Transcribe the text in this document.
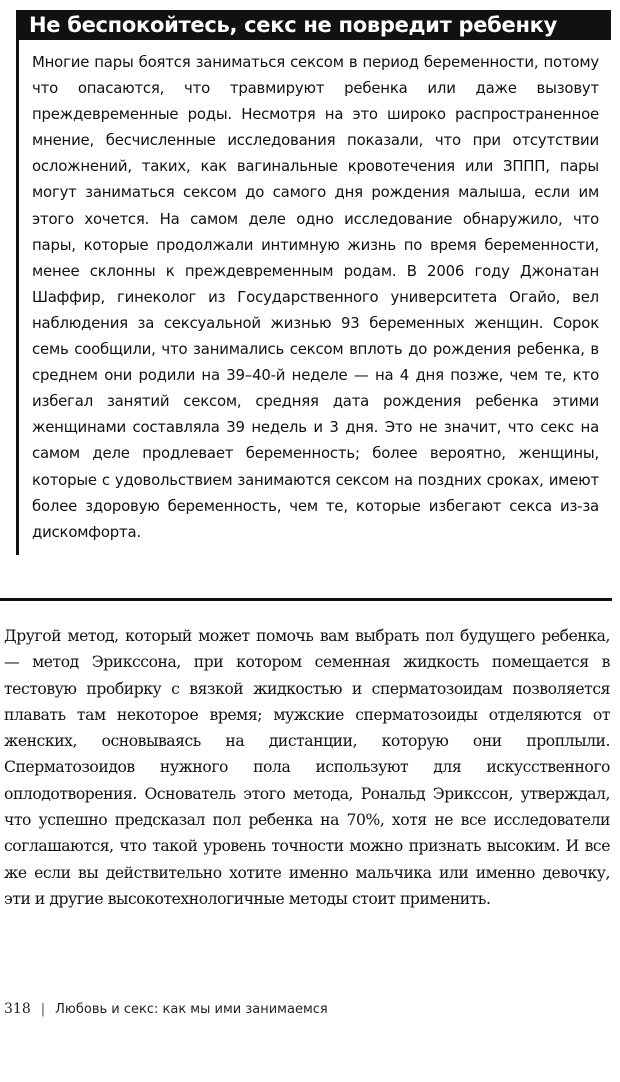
Не беспокойтесь, секс не повредит ребенку

Многие пары боятся заниматься сексом в период беременности, потому что опасаются, что травмируют ребенка или даже вызовут преждевременные роды. Несмотря на это широко распространенное мнение, бесчисленные исследования показали, что при отсутствии осложнений, таких, как вагинальные кровотечения или ЗППП, пары могут заниматься сексом до самого дня рождения малыша, если им этого хочется. На самом деле одно исследование обнаружило, что пары, которые продолжали интимную жизнь по время беременности, менее склонны к преждевременным родам. В 2006 году Джонатан Шаффир, гинеколог из Государственного университета Огайо, вел наблюдения за сексуальной жизнью 93 беременных женщин. Сорок семь сообщили, что занимались сексом вплоть до рождения ребенка, в среднем они родили на 39–40-й неделе — на 4 дня позже, чем те, кто избегал занятий сексом, средняя дата рождения ребенка этими женщинами составляла 39 недель и 3 дня. Это не значит, что секс на самом деле продлевает беременность; более вероятно, женщины, которые с удовольствием занимаются сексом на поздних сроках, имеют более здоровую беременность, чем те, которые избегают секса из-за дискомфорта.

Другой метод, который может помочь вам выбрать пол будущего ребенка, — метод Эрикссона, при котором семенная жидкость помещается в тестовую пробирку с вязкой жидкостью и сперматозоидам позволяется плавать там некоторое время; мужские сперматозоиды отделяются от женских, основываясь на дистанции, которую они проплыли. Сперматозоидов нужного пола используют для искусственного оплодотворения. Основатель этого метода, Рональд Эрикссон, утверждал, что успешно предсказал пол ребенка на 70%, хотя не все исследователи соглашаются, что такой уровень точности можно признать высоким. И все же если вы действительно хотите именно мальчика или именно девочку, эти и другие высокотехнологичные методы стоит применить.

318 | Любовь и секс: как мы ими занимаемся
